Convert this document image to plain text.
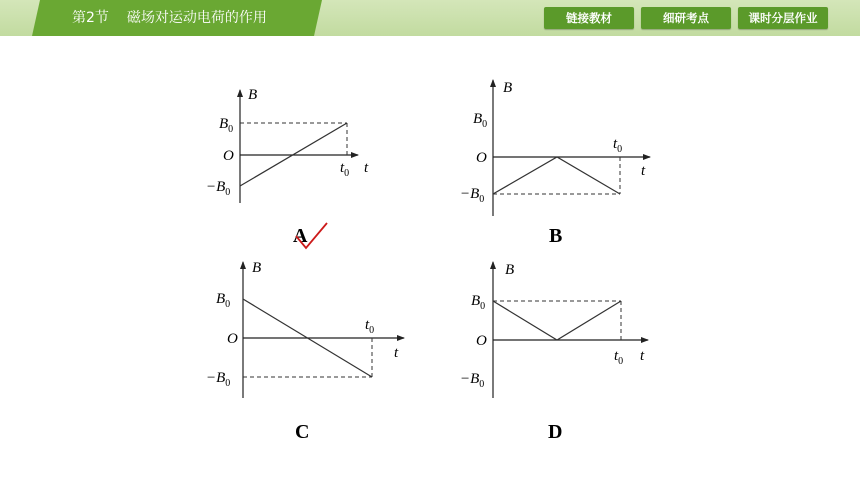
第2节 磁场对运动电荷的作用	链接教材	细研考点	课时分层作业
B
$B_0$
O
$-B_0$
$t_0$ t
A
B
$B_0$
O
$-B_0$
$t_0$
t
B
B
$B_0$
O
$-B_0$
$t_0$
t
C
B
$B_0$
O
$-B_0$
$t_0$ t
D
